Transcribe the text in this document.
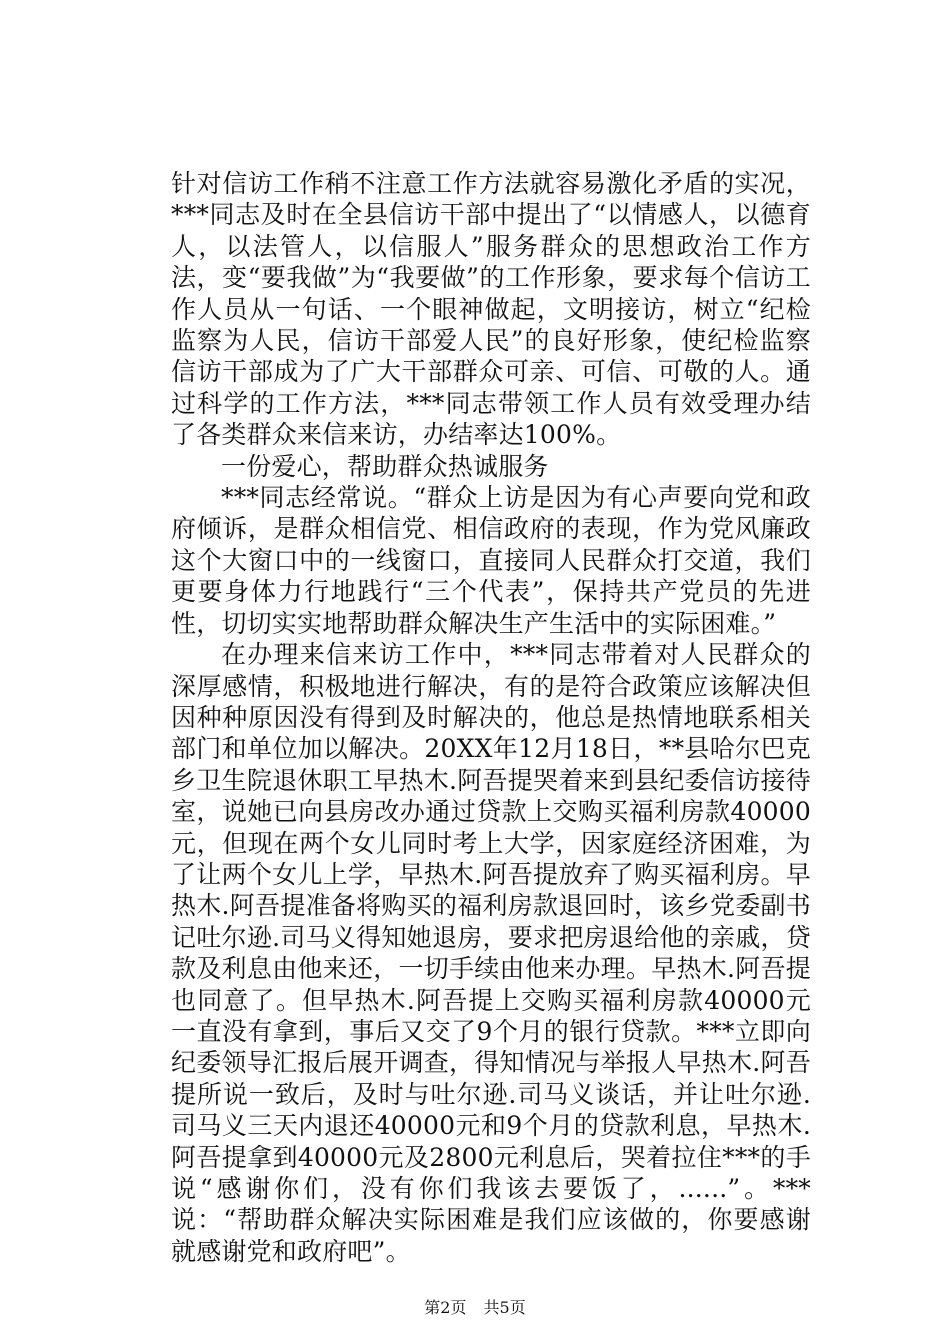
针对信访工作稍不注意工作方法就容易激化矛盾的实况，***同志及时在全县信访干部中提出了“以情感人，以德育人，以法管人，以信服人”服务群众的思想政治工作方法，变“要我做”为“我要做”的工作形象，要求每个信访工作人员从一句话、一个眼神做起，文明接访，树立“纪检监察为人民，信访干部爱人民”的良好形象，使纪检监察信访干部成为了广大干部群众可亲、可信、可敬的人。通过科学的工作方法，***同志带领工作人员有效受理办结了各类群众来信来访，办结率达100%。

一份爱心，帮助群众热诚服务

***同志经常说。“群众上访是因为有心声要向党和政府倾诉，是群众相信党、相信政府的表现，作为党风廉政这个大窗口中的一线窗口，直接同人民群众打交道，我们更要身体力行地践行“三个代表”，保持共产党员的先进性，切切实实地帮助群众解决生产生活中的实际困难。”

在办理来信来访工作中，***同志带着对人民群众的深厚感情，积极地进行解决，有的是符合政策应该解决但因种种原因没有得到及时解决的，他总是热情地联系相关部门和单位加以解决。20XX年12月18日，**县哈尔巴克乡卫生院退休职工早热木.阿吾提哭着来到县纪委信访接待室，说她已向县房改办通过贷款上交购买福利房款40000元，但现在两个女儿同时考上大学，因家庭经济困难，为了让两个女儿上学，早热木.阿吾提放弃了购买福利房。早热木.阿吾提准备将购买的福利房款退回时，该乡党委副书记吐尔逊.司马义得知她退房，要求把房退给他的亲戚，贷款及利息由他来还，一切手续由他来办理。早热木.阿吾提也同意了。但早热木.阿吾提上交购买福利房款40000元一直没有拿到，事后又交了9个月的银行贷款。***立即向纪委领导汇报后展开调查，得知情况与举报人早热木.阿吾提所说一致后，及时与吐尔逊.司马义谈话，并让吐尔逊.司马义三天内退还40000元和9个月的贷款利息，早热木.阿吾提拿到40000元及2800元利息后，哭着拉住***的手说“感谢你们，没有你们我该去要饭了，......”。***说：“帮助群众解决实际困难是我们应该做的，你要感谢就感谢党和政府吧”。

第2页 共5页
